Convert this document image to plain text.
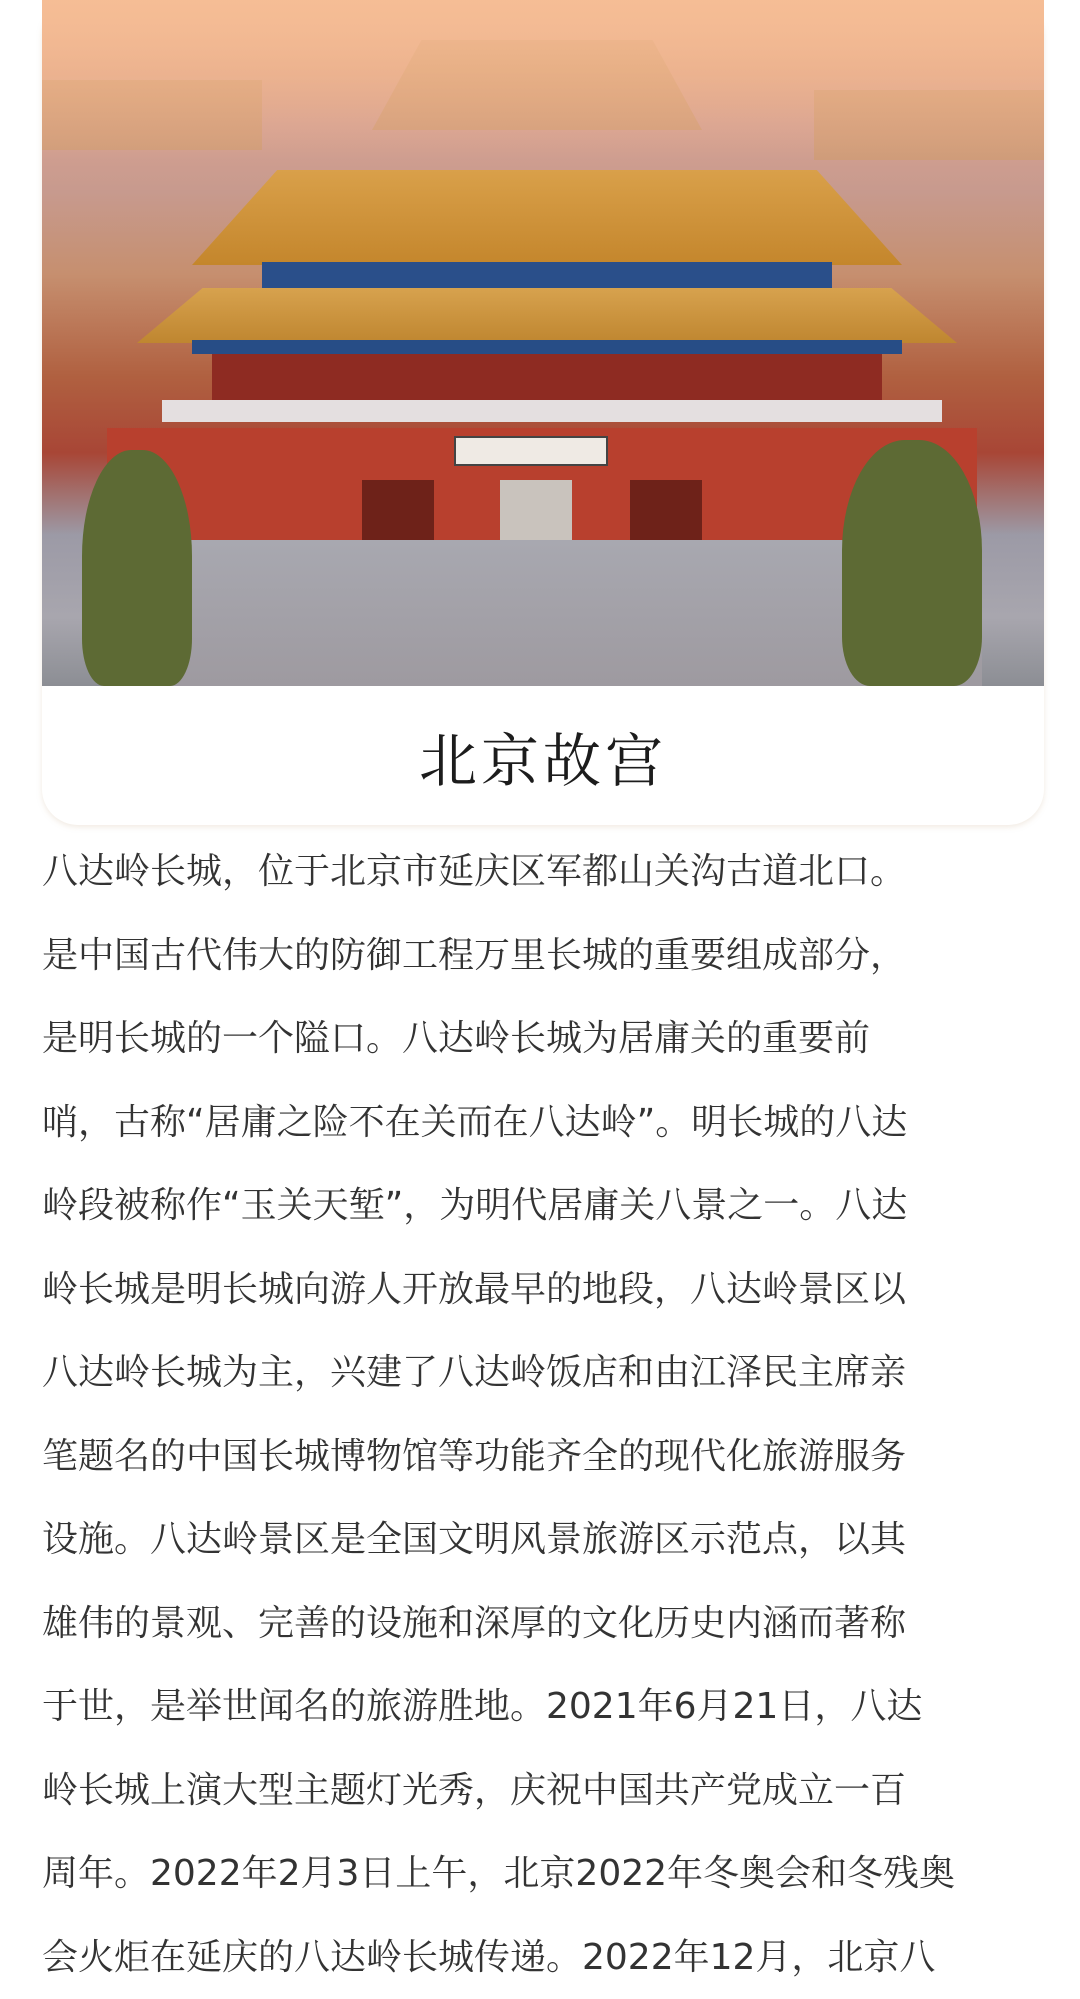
北京故宫
八达岭长城，位于北京市延庆区军都山关沟古道北口。
是中国古代伟大的防御工程万里长城的重要组成部分，
是明长城的一个隘口。八达岭长城为居庸关的重要前
哨，古称“居庸之险不在关而在八达岭”。明长城的八达
岭段被称作“玉关天堑”，为明代居庸关八景之一。八达
岭长城是明长城向游人开放最早的地段，八达岭景区以
八达岭长城为主，兴建了八达岭饭店和由江泽民主席亲
笔题名的中国长城博物馆等功能齐全的现代化旅游服务
设施。八达岭景区是全国文明风景旅游区示范点，以其
雄伟的景观、完善的设施和深厚的文化历史内涵而著称
于世，是举世闻名的旅游胜地。2021年6月21日，八达
岭长城上演大型主题灯光秀，庆祝中国共产党成立一百
周年。2022年2月3日上午，北京2022年冬奥会和冬残奥
会火炬在延庆的八达岭长城传递。2022年12月，北京八
